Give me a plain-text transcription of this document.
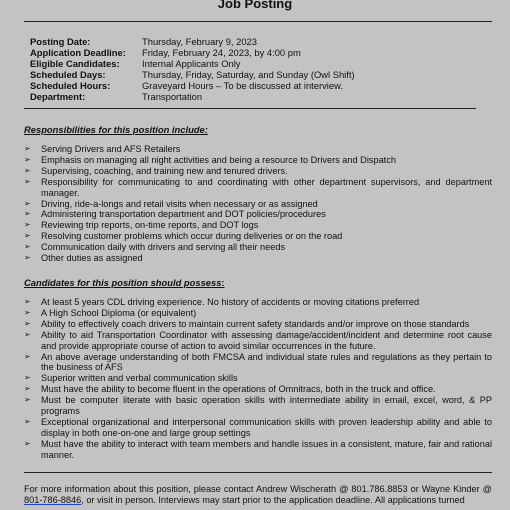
Job Posting
Posting Date:	Thursday, February 9, 2023
Application Deadline:	Friday, February 24, 2023, by 4:00 pm
Eligible Candidates:	Internal Applicants Only
Scheduled Days:	Thursday, Friday, Saturday, and Sunday (Owl Shift)
Scheduled Hours:	Graveyard Hours – To be discussed at interview.
Department:	Transportation
Responsibilities for this position include:
➢	Serving Drivers and AFS Retailers
➢	Emphasis on managing all night activities and being a resource to Drivers and Dispatch
➢	Supervising, coaching, and training new and tenured drivers.
➢	Responsibility for communicating to and coordinating with other department supervisors, and department manager.
➢	Driving, ride-a-longs and retail visits when necessary or as assigned
➢	Administering transportation department and DOT policies/procedures
➢	Reviewing trip reports, on-time reports, and DOT logs
➢	Resolving customer problems which occur during deliveries or on the road
➢	Communication daily with drivers and serving all their needs
➢	Other duties as assigned
Candidates for this position should possess:
➢	At least 5 years CDL driving experience. No history of accidents or moving citations preferred
➢	A High School Diploma (or equivalent)
➢	Ability to effectively coach drivers to maintain current safety standards and/or improve on those standards
➢	Ability to aid Transportation Coordinator with assessing damage/accident/incident and determine root cause and provide appropriate course of action to avoid similar occurrences in the future.
➢	An above average understanding of both FMCSA and individual state rules and regulations as they pertain to the business of AFS
➢	Superior written and verbal communication skills
➢	Must have the ability to become fluent in the operations of Omnitracs, both in the truck and office.
➢	Must be computer literate with basic operation skills with intermediate ability in email, excel, word, & PP programs
➢	Exceptional organizational and interpersonal communication skills with proven leadership ability and able to display in both one-on-one and large group settings
➢	Must have the ability to interact with team members and handle issues in a consistent, mature, fair and rational manner.
For more information about this position, please contact Andrew Wischerath @ 801.786.8853 or Wayne Kinder @ 801-786-8846, or visit in person. Interviews may start prior to the application deadline. All applications turned
